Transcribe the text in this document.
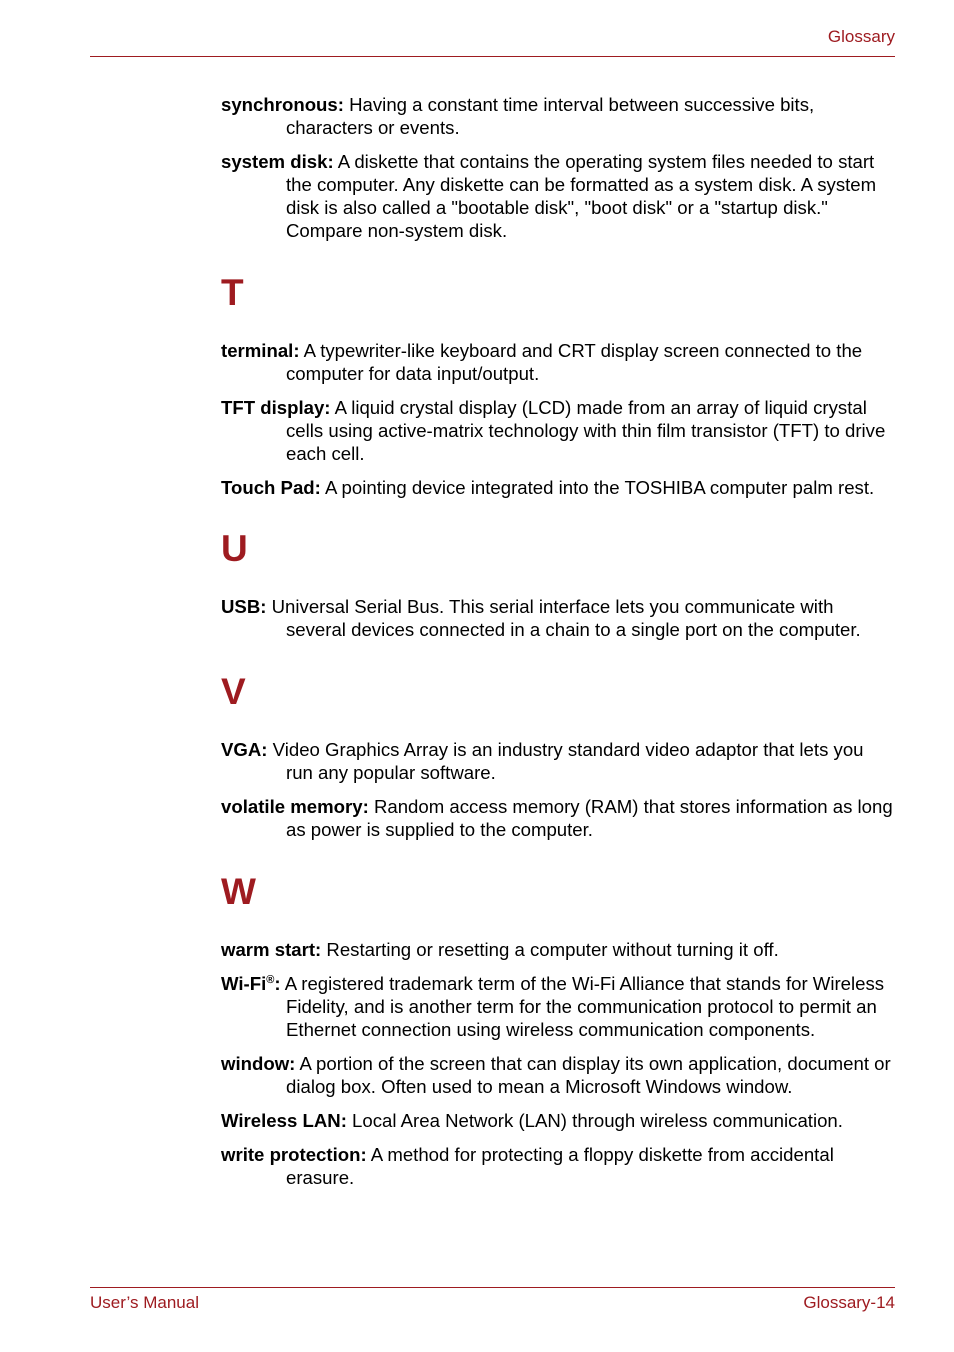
Glossary

synchronous: Having a constant time interval between successive bits, characters or events.

system disk: A diskette that contains the operating system files needed to start the computer. Any diskette can be formatted as a system disk. A system disk is also called a "bootable disk", "boot disk" or a "startup disk." Compare non-system disk.

T

terminal: A typewriter-like keyboard and CRT display screen connected to the computer for data input/output.

TFT display: A liquid crystal display (LCD) made from an array of liquid crystal cells using active-matrix technology with thin film transistor (TFT) to drive each cell.

Touch Pad: A pointing device integrated into the TOSHIBA computer palm rest.

U

USB: Universal Serial Bus. This serial interface lets you communicate with several devices connected in a chain to a single port on the computer.

V

VGA: Video Graphics Array is an industry standard video adaptor that lets you run any popular software.

volatile memory: Random access memory (RAM) that stores information as long as power is supplied to the computer.

W

warm start: Restarting or resetting a computer without turning it off.

Wi-Fi®: A registered trademark term of the Wi-Fi Alliance that stands for Wireless Fidelity, and is another term for the communication protocol to permit an Ethernet connection using wireless communication components.

window: A portion of the screen that can display its own application, document or dialog box. Often used to mean a Microsoft Windows window.

Wireless LAN: Local Area Network (LAN) through wireless communication.

write protection: A method for protecting a floppy diskette from accidental erasure.

User’s Manual	Glossary-14
